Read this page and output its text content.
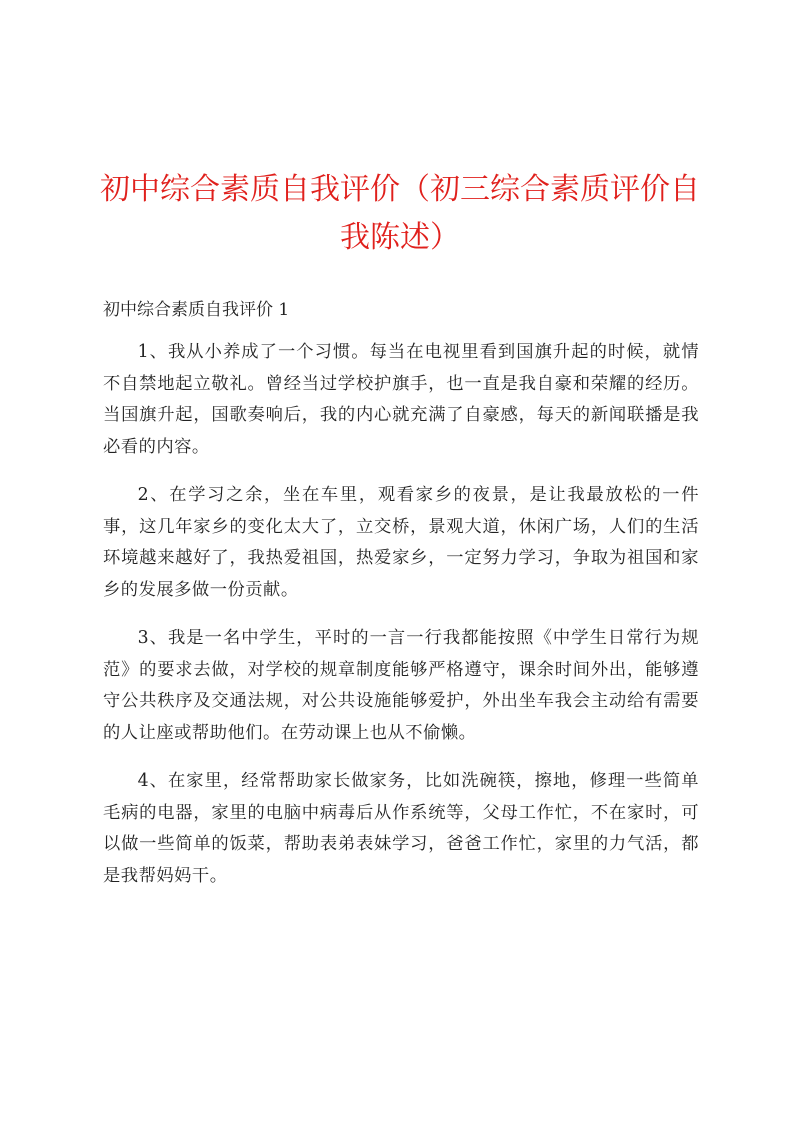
初中综合素质自我评价（初三综合素质评价自我陈述）

初中综合素质自我评价 1

1、我从小养成了一个习惯。每当在电视里看到国旗升起的时候，就情不自禁地起立敬礼。曾经当过学校护旗手，也一直是我自豪和荣耀的经历。当国旗升起，国歌奏响后，我的内心就充满了自豪感，每天的新闻联播是我必看的内容。

2、在学习之余，坐在车里，观看家乡的夜景，是让我最放松的一件事，这几年家乡的变化太大了，立交桥，景观大道，休闲广场，人们的生活环境越来越好了，我热爱祖国，热爱家乡，一定努力学习，争取为祖国和家乡的发展多做一份贡献。

3、我是一名中学生，平时的一言一行我都能按照《中学生日常行为规范》的要求去做，对学校的规章制度能够严格遵守，课余时间外出，能够遵守公共秩序及交通法规，对公共设施能够爱护，外出坐车我会主动给有需要的人让座或帮助他们。在劳动课上也从不偷懒。

4、在家里，经常帮助家长做家务，比如洗碗筷，擦地，修理一些简单毛病的电器，家里的电脑中病毒后从作系统等，父母工作忙，不在家时，可以做一些简单的饭菜，帮助表弟表妹学习，爸爸工作忙，家里的力气活，都是我帮妈妈干。
